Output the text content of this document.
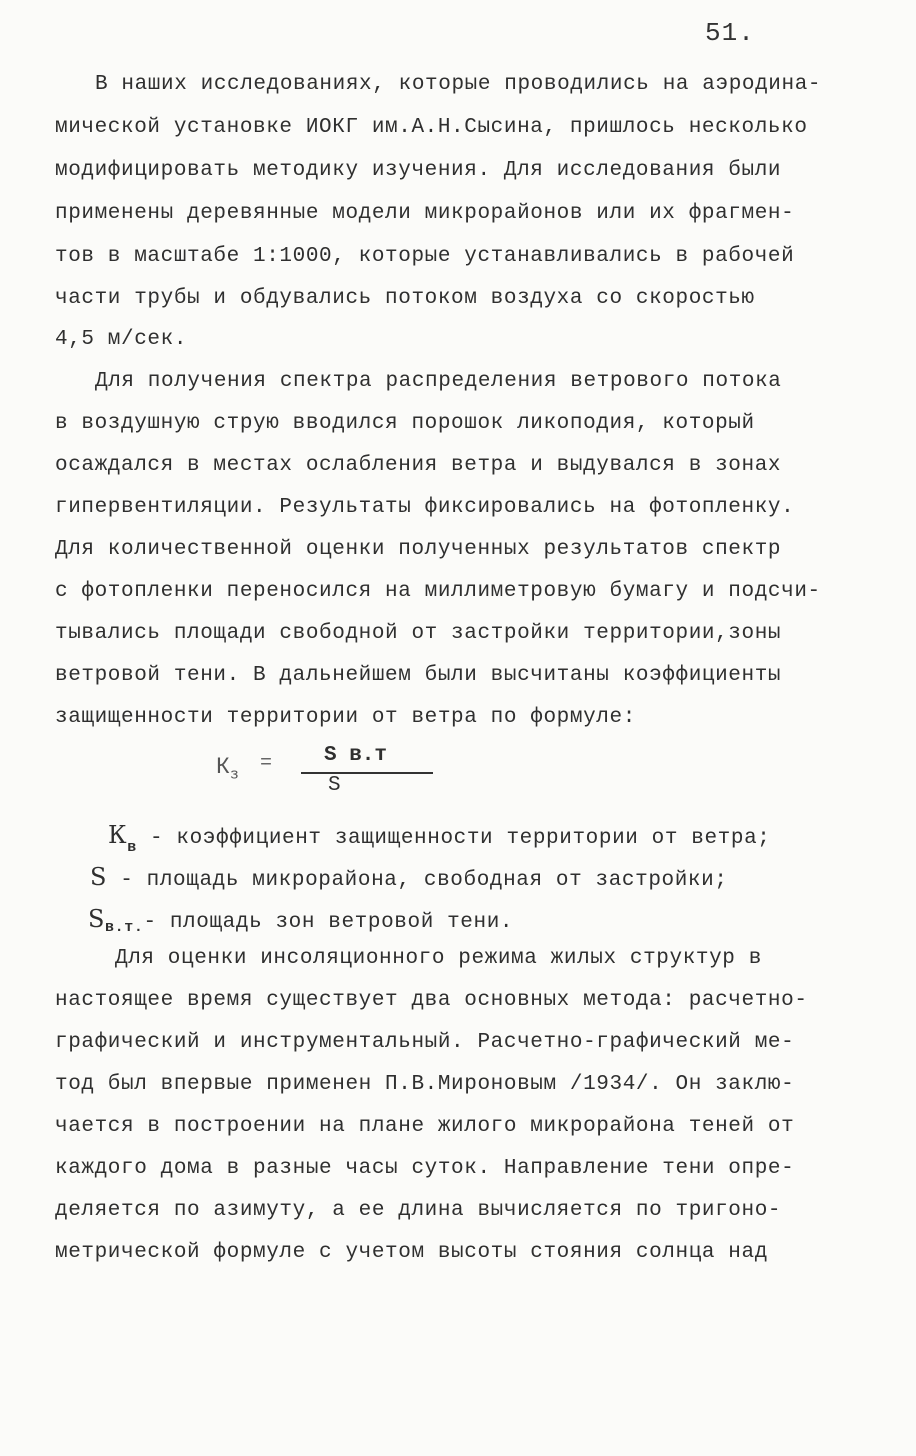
51.

В наших исследованиях, которые проводились на аэродина-

мической установке ИОКГ им.А.Н.Сысина, пришлось несколько

модифицировать методику изучения. Для исследования были

применены деревянные модели микрорайонов или их фрагмен-

тов в масштабе 1:1000, которые устанавливались в рабочей

части трубы и обдувались потоком воздуха со скоростью

4,5 м/сек.

Для получения спектра распределения ветрового потока

в воздушную струю вводился порошок ликоподия, который

осаждался в местах ослабления ветра и выдувался в зонах

гипервентиляции. Результаты фиксировались на фотопленку.

Для количественной оценки полученных результатов спектр

с фотопленки переносился на миллиметровую бумагу и подсчи-

тывались площади свободной от застройки территории,зоны

ветровой тени. В дальнейшем были высчитаны коэффициенты

защищенности территории от ветра по формуле:

$К_з$
= S в.т
S

$К_в$ - коэффициент защищенности территории от ветра;

S - площадь микрорайона, свободная от застройки;

Sв.т.- площадь зон ветровой тени.

Для оценки инсоляционного режима жилых структур в

настоящее время существует два основных метода: расчетно-

графический и инструментальный. Расчетно-графический ме-

тод был впервые применен П.В.Мироновым /1934/. Он заклю-

чается в построении на плане жилого микрорайона теней от

каждого дома в разные часы суток. Направление тени опре-

деляется по азимуту, а ее длина вычисляется по тригоно-

метрической формуле с учетом высоты стояния солнца над
